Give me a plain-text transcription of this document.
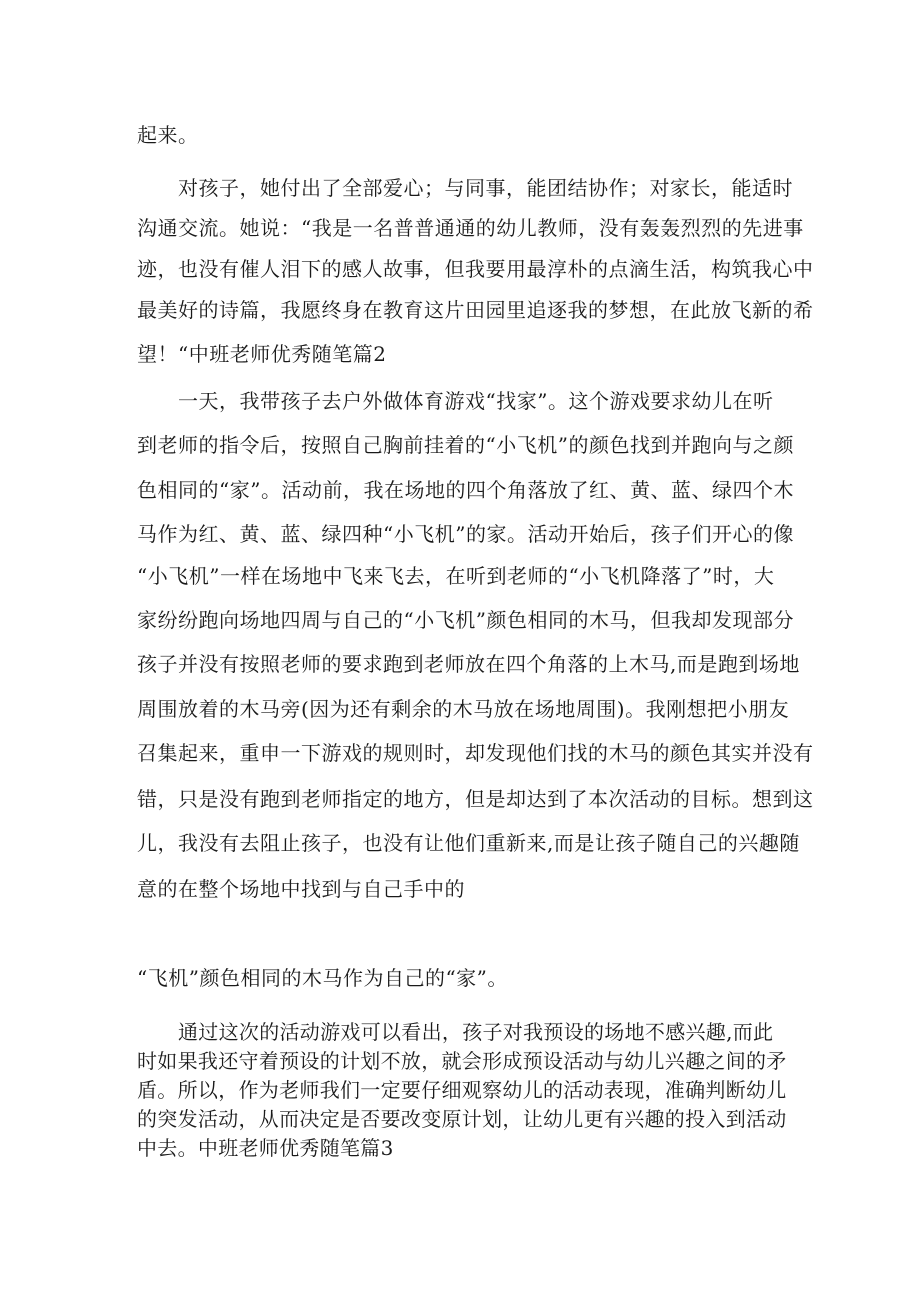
起来。

对孩子，她付出了全部爱心；与同事，能团结协作；对家长，能适时

沟通交流。她说：“我是一名普普通通的幼儿教师，没有轰轰烈烈的先进事

迹，也没有催人泪下的感人故事，但我要用最淳朴的点滴生活，构筑我心中

最美好的诗篇，我愿终身在教育这片田园里追逐我的梦想，在此放飞新的希

望！“中班老师优秀随笔篇2

一天，我带孩子去户外做体育游戏“找家”。这个游戏要求幼儿在听

到老师的指令后，按照自己胸前挂着的“小飞机”的颜色找到并跑向与之颜

色相同的“家”。活动前，我在场地的四个角落放了红、黄、蓝、绿四个木

马作为红、黄、蓝、绿四种“小飞机”的家。活动开始后，孩子们开心的像

“小飞机”一样在场地中飞来飞去，在听到老师的“小飞机降落了”时，大

家纷纷跑向场地四周与自己的“小飞机”颜色相同的木马，但我却发现部分

孩子并没有按照老师的要求跑到老师放在四个角落的上木马,而是跑到场地

周围放着的木马旁(因为还有剩余的木马放在场地周围)。我刚想把小朋友

召集起来，重申一下游戏的规则时，却发现他们找的木马的颜色其实并没有

错，只是没有跑到老师指定的地方，但是却达到了本次活动的目标。想到这

儿，我没有去阻止孩子，也没有让他们重新来,而是让孩子随自己的兴趣随

意的在整个场地中找到与自己手中的

“飞机”颜色相同的木马作为自己的“家”。

通过这次的活动游戏可以看出，孩子对我预设的场地不感兴趣,而此

时如果我还守着预设的计划不放，就会形成预设活动与幼儿兴趣之间的矛

盾。所以，作为老师我们一定要仔细观察幼儿的活动表现，准确判断幼儿

的突发活动，从而决定是否要改变原计划，让幼儿更有兴趣的投入到活动

中去。中班老师优秀随笔篇3
